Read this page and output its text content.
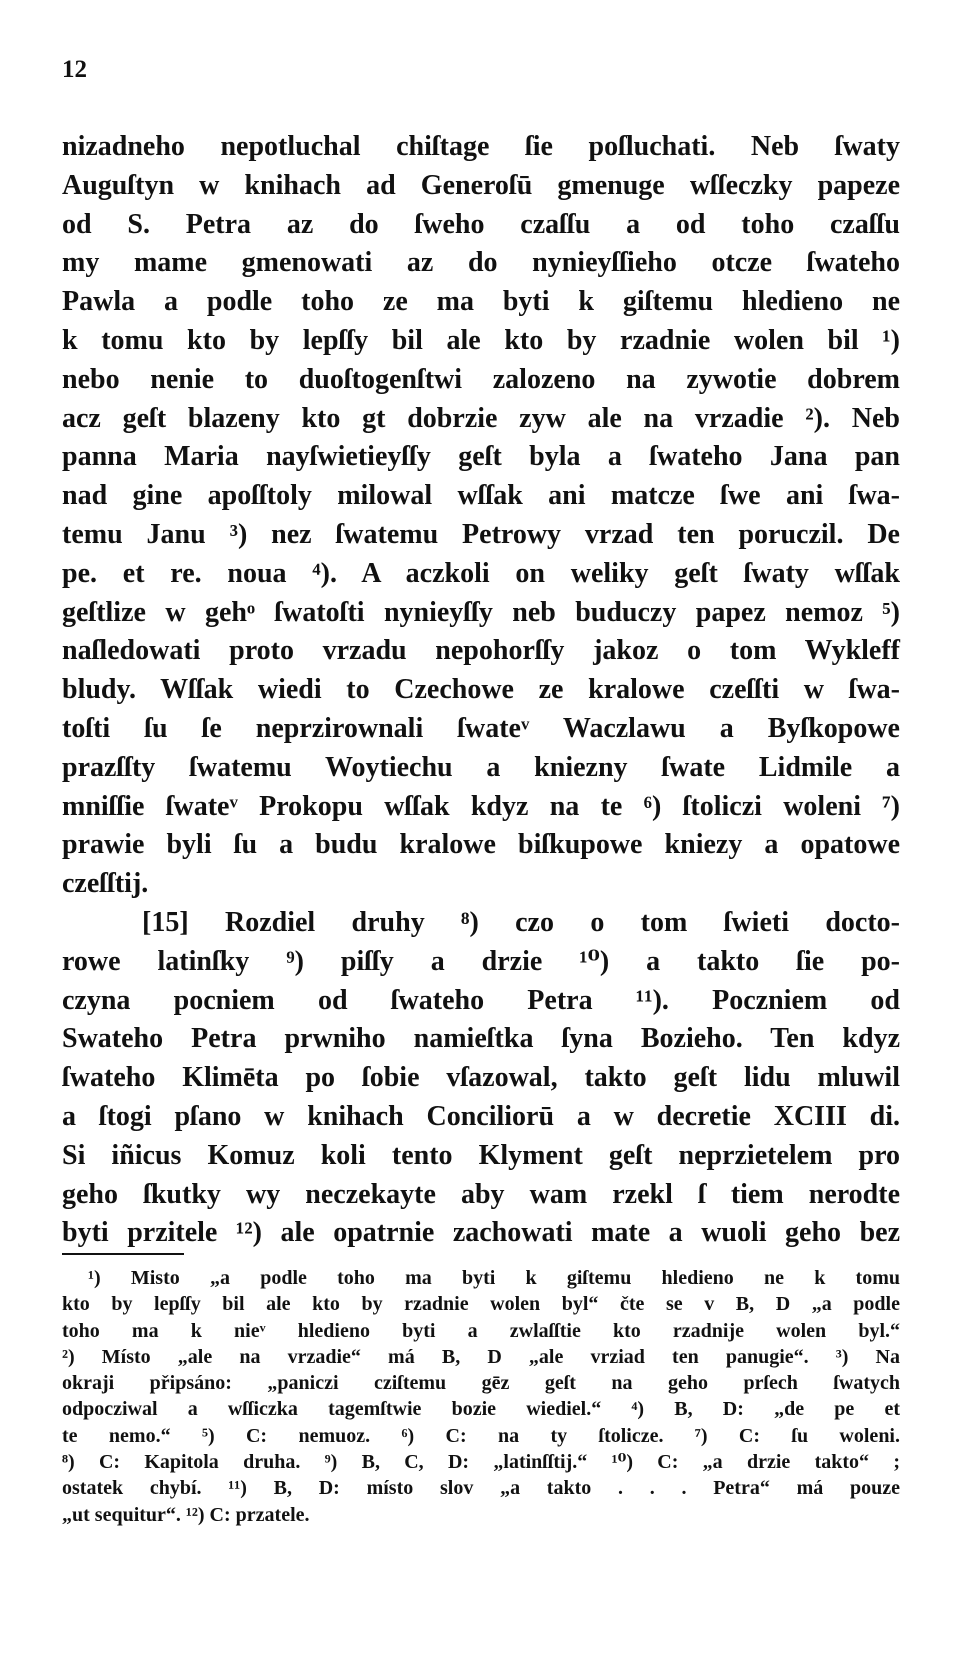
12
nizadneho nepotluchal chiſtage ſie poſluchati. Neb ſwaty
Auguſtyn w knihach ad Generoſū gmenuge wſſeczky papeze
od S. Petra az do ſweho czaſſu a od toho czaſſu
my mame gmenowati az do nynieyſſieho otcze ſwateho
Pawla a podle toho ze ma byti k giſtemu hledieno ne
k tomu kto by lepſſy bil ale kto by rzadnie wolen bil ¹)
nebo nenie to duoſtogenſtwi zalozeno na zywotie dobrem
acz geſt blazeny kto gt dobrzie zyw ale na vrzadie ²). Neb
panna Maria nayſwietieyſſy geſt byla a ſwateho Jana pan
nad gine apoſſtoly milowal wſſak ani matcze ſwe ani ſwa-
temu Janu ³) nez ſwatemu Petrowy vrzad ten poruczil. De
pe. et re. noua ⁴). A aczkoli on weliky geſt ſwaty wſſak
geſtlize w gehᵒ ſwatoſti nynieyſſy neb buduczy papez nemoz ⁵)
naſledowati proto vrzadu nepohorſſy jakoz o tom Wykleff
bludy. Wſſak wiedi to Czechowe ze kralowe czeſſti w ſwa-
toſti ſu ſe neprzirownali ſwateᵛ Waczlawu a Byſkopowe
prazſſty ſwatemu Woytiechu a kniezny ſwate Lidmile a
mniſſie ſwateᵛ Prokopu wſſak kdyz na te ⁶) ſtoliczi woleni ⁷)
prawie byli ſu a budu kralowe biſkupowe kniezy a opatowe
czeſſtij.
[15] Rozdiel druhy ⁸) czo o tom ſwieti docto-
rowe latinſky ⁹) piſſy a drzie ¹⁰) a takto ſie po-
czyna pocniem od ſwateho Petra ¹¹). Poczniem od
Swateho Petra prwniho namieſtka ſyna Bozieho. Ten kdyz
ſwateho Klimēta po ſobie vſazowal, takto geſt lidu mluwil
a ſtogi pſano w knihach Conciliorū a w decretie XCIII di.
Si iñicus Komuz koli tento Klyment geſt neprzietelem pro
geho ſkutky wy neczekayte aby wam rzekl ſ tiem nerodte
byti przitele ¹²) ale opatrnie zachowati mate a wuoli geho bez
¹) Misto „a podle toho ma byti k giſtemu hledieno ne k tomu
kto by lepſſy bil ale kto by rzadnie wolen byl“ čte se v B, D „a podle
toho ma k nieᵛ hledieno byti a zwlaſſtie kto rzadnije wolen byl.“
²) Místo „ale na vrzadie“ má B, D „ale vrziad ten panugie“. ³) Na
okraji připsáno: „paniczi cziſtemu gēz geſt na geho prſech ſwatych
odpocziwal a wſſiczka tagemſtwie bozie wiediel.“ ⁴) B, D: „de pe et
te nemo.“ ⁵) C: nemuoz. ⁶) C: na ty ſtolicze. ⁷) C: ſu woleni.
⁸) C: Kapitola druha. ⁹) B, C, D: „latinſſtij.“ ¹⁰) C: „a drzie takto“ ;
ostatek chybí. ¹¹) B, D: místo slov „a takto . . . Petra“ má pouze
„ut sequitur“. ¹²) C: przatele.
